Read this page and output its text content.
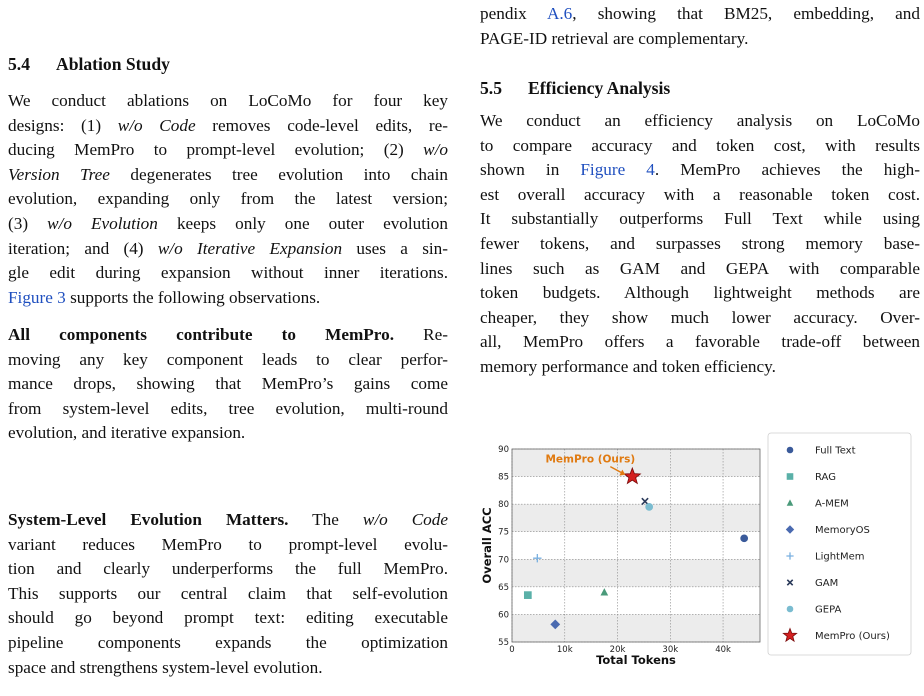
5.4 Ablation Study

We conduct ablations on LoCoMo for four key
designs: (1) w/o Code removes code-level edits, re-
ducing MemPro to prompt-level evolution; (2) w/o
Version Tree degenerates tree evolution into chain
evolution, expanding only from the latest version;
(3) w/o Evolution keeps only one outer evolution
iteration; and (4) w/o Iterative Expansion uses a sin-
gle edit during expansion without inner iterations.
Figure 3 supports the following observations.

All components contribute to MemPro. Re-
moving any key component leads to clear perfor-
mance drops, showing that MemPro’s gains come
from system-level edits, tree evolution, multi-round
evolution, and iterative expansion.

System-Level Evolution Matters. The w/o Code
variant reduces MemPro to prompt-level evolu-
tion and clearly underperforms the full MemPro.
This supports our central claim that self-evolution
should go beyond prompt text: editing executable
pipeline components expands the optimization
space and strengthens system-level evolution.

pendix A.6, showing that BM25, embedding, and
PAGE-ID retrieval are complementary.

5.5 Efficiency Analysis

We conduct an efficiency analysis on LoCoMo
to compare accuracy and token cost, with results
shown in Figure 4. MemPro achieves the high-
est overall accuracy with a reasonable token cost.
It substantially outperforms Full Text while using
fewer tokens, and surpasses strong memory base-
lines such as GAM and GEPA with comparable
token budgets. Although lightweight methods are
cheaper, they show much lower accuracy. Over-
all, MemPro offers a favorable trade-off between
memory performance and token efficiency.

55
60
65
70
75
80
85
90
0	10k	20k	30k	40k
Total Tokens
Overall ACC
MemPro (Ours)
Full Text
RAG
A-MEM
MemoryOS
LightMem
GAM
GEPA
MemPro (Ours)
